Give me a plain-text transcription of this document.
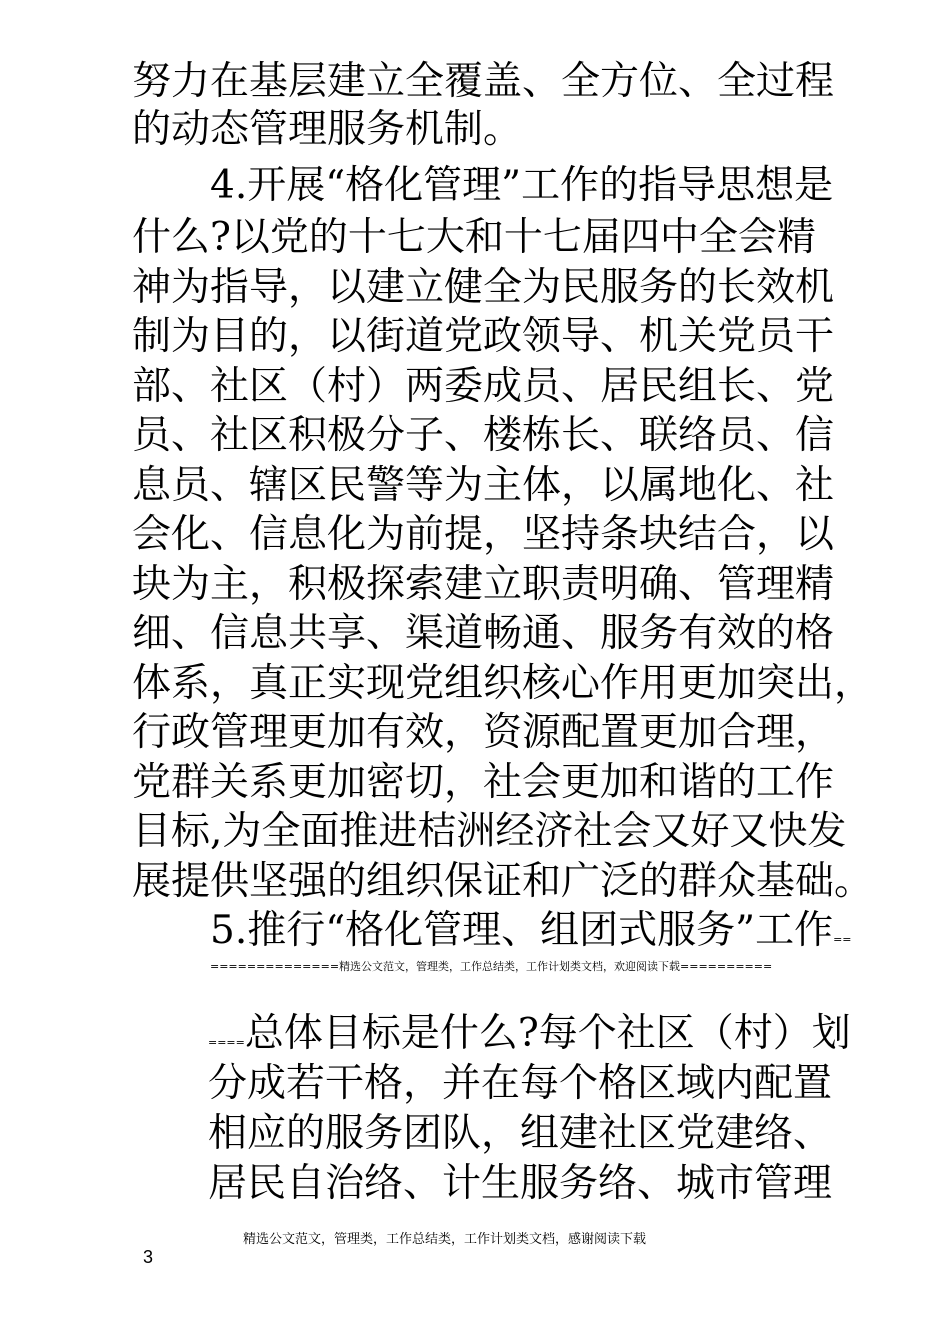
努力在基层建立全覆盖、全方位、全过程
的动态管理服务机制。
4.开展“格化管理”工作的指导思想是
什么?以党的十七大和十七届四中全会精
神为指导，以建立健全为民服务的长效机
制为目的，以街道党政领导、机关党员干
部、社区（村）两委成员、居民组长、党
员、社区积极分子、楼栋长、联络员、信
息员、辖区民警等为主体，以属地化、社
会化、信息化为前提，坚持条块结合，以
块为主，积极探索建立职责明确、管理精
细、信息共享、渠道畅通、服务有效的格
体系，真正实现党组织核心作用更加突出，
行政管理更加有效，资源配置更加合理，
党群关系更加密切，社会更加和谐的工作
目标,为全面推进桔洲经济社会又好又快发
展提供坚强的组织保证和广泛的群众基础。
5.推行“格化管理、组团式服务”工作==
==============精选公文范文，管理类，工作总结类，工作计划类文档，欢迎阅读下载==========
====总体目标是什么?每个社区（村）划
分成若干格，并在每个格区域内配置
相应的服务团队，组建社区党建络、
居民自治络、计生服务络、城市管理
精选公文范文，管理类，工作总结类，工作计划类文档，感谢阅读下载
3
